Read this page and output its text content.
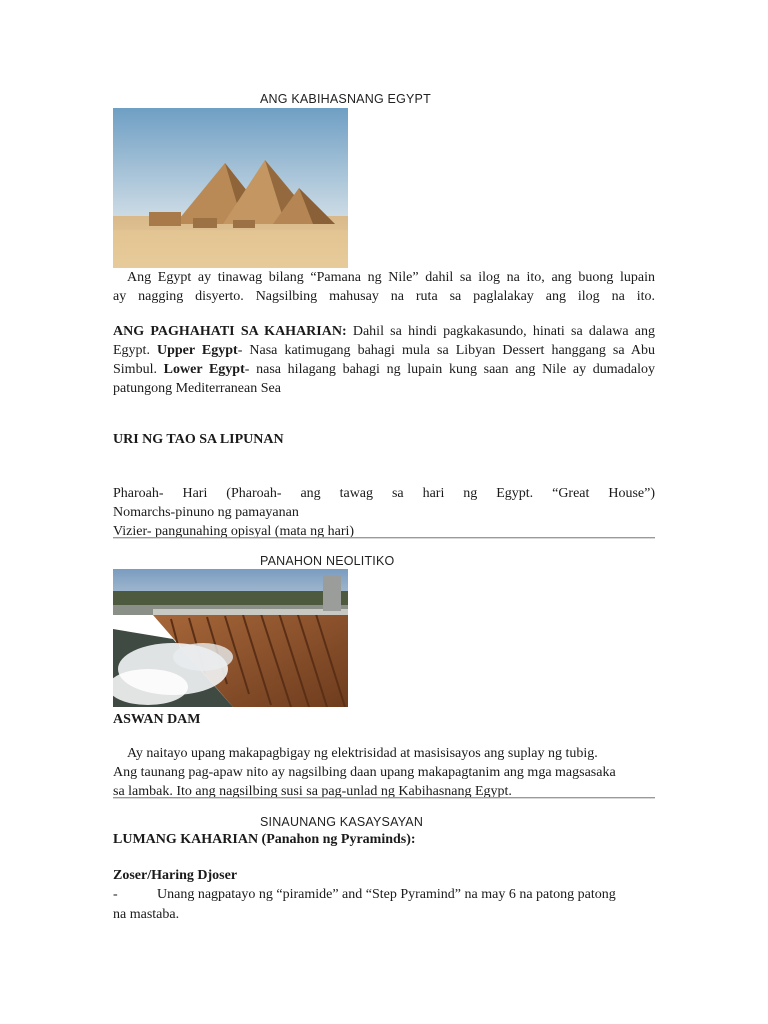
ANG KABIHASNANG EGYPT

Ang Egypt ay tinawag bilang “Pamana ng Nile” dahil sa ilog na ito, ang buong lupain
ay nagging disyerto. Nagsilbing mahusay na ruta sa paglalakay ang ilog na ito.

ANG PAGHAHATI SA KAHARIAN: Dahil sa hindi pagkakasundo, hinati sa dalawa ang Egypt. Upper Egypt- Nasa katimugang bahagi mula sa Libyan Dessert hanggang sa Abu Simbul. Lower Egypt- nasa hilagang bahagi ng lupain kung saan ang Nile ay dumadaloy patungong Mediterranean Sea

URI NG TAO SA LIPUNAN
Pharoah- Hari (Pharoah- ang tawag sa hari ng Egypt. “Great House”)
Nomarchs-pinuno ng pamayanan
Vizier- pangunahing opisyal (mata ng hari)
PANAHON NEOLITIKO
ASWAN DAM
Ay naitayo upang makapagbigay ng elektrisidad at masisisayos ang suplay ng tubig.
Ang taunang pag-apaw nito ay nagsilbing daan upang makapagtanim ang mga magsasaka
sa lambak. Ito ang nagsilbing susi sa pag-unlad ng Kabihasnang Egypt.
SINAUNANG KASAYSAYAN
LUMANG KAHARIAN (Panahon ng Pyraminds):
Zoser/Haring Djoser
-	Unang nagpatayo ng “piramide” and “Step Pyramind” na may 6 na patong patong
na mastaba.
